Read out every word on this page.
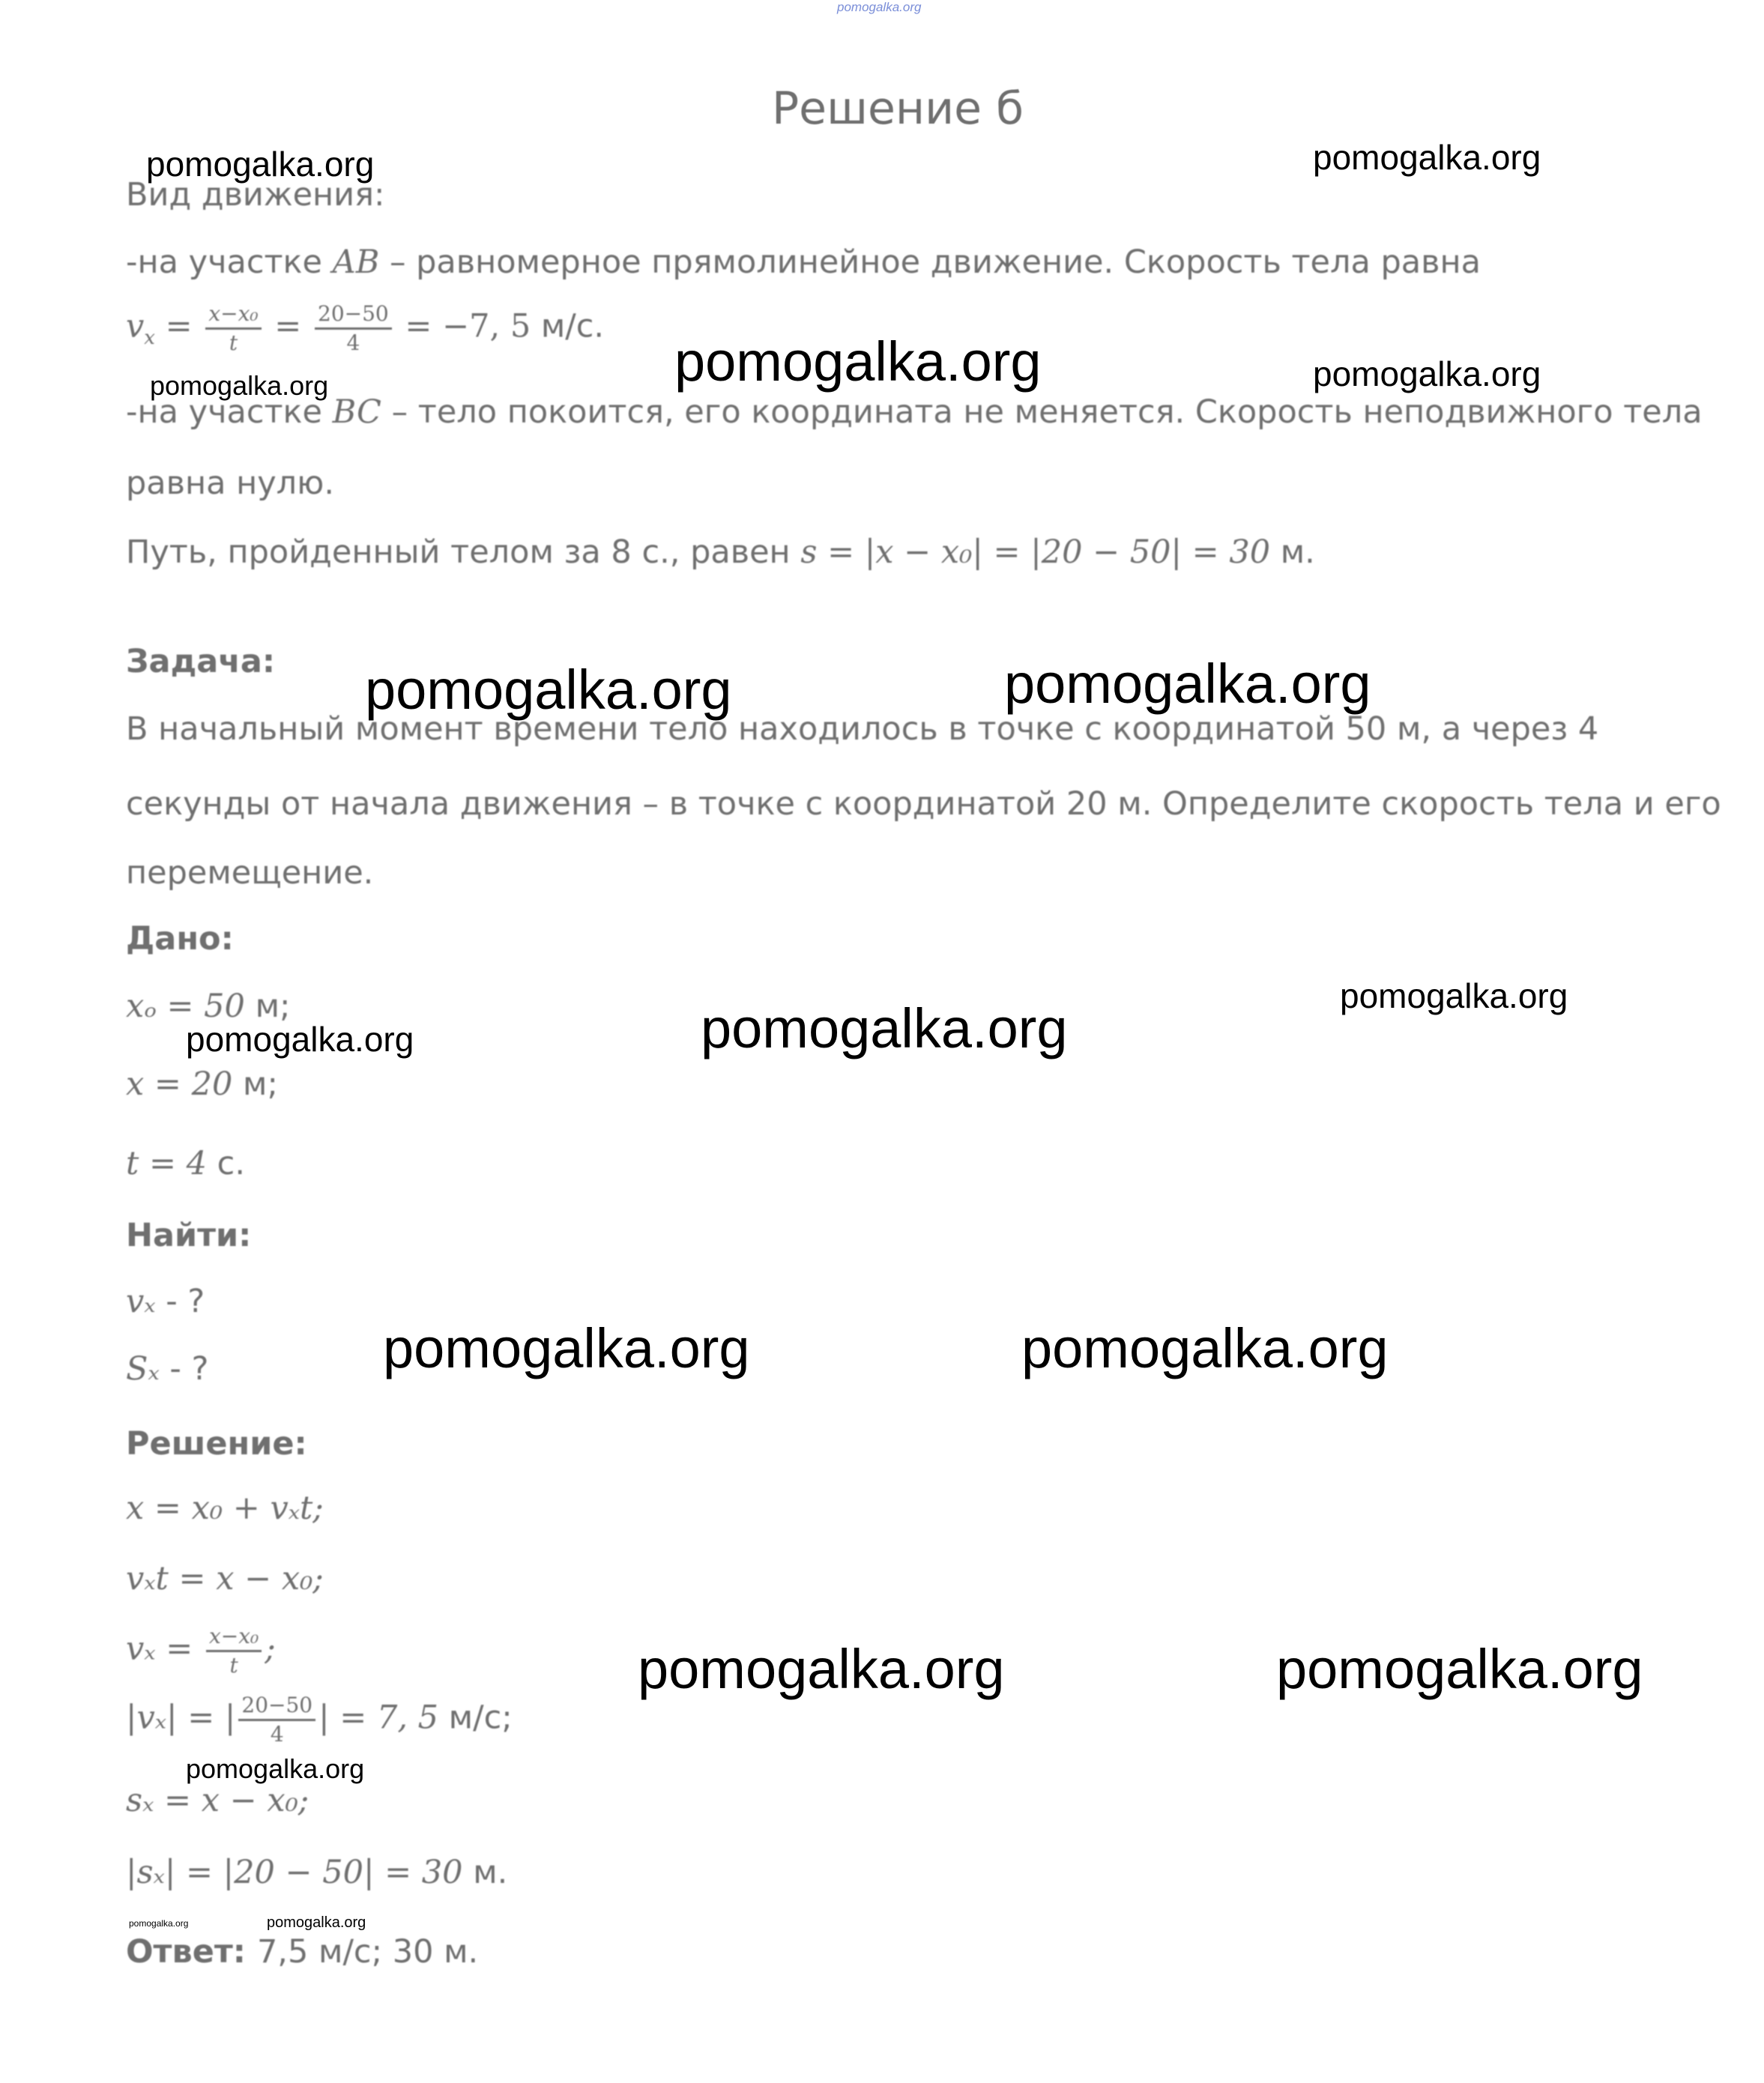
pomogalka.org
Решение б
Вид движения:
-на участке AB – равномерное прямолинейное движение. Скорость тела равна
$v_x = \frac{\text{x−x₀}}{t} = \frac{20-50}{4} = -7$, 5 м/с.
-на участке BC – тело покоится, его координата не меняется. Скорость неподвижного тела
равна нулю.
Путь, пройденный телом за 8 с., равен s = |x − x₀| = |20 − 50| = 30 м.
Задача:
В начальный момент времени тело находилось в точке с координатой 50 м, а через 4
секунды от начала движения – в точке с координатой 20 м. Определите скорость тела и его
перемещение.
Дано:
xₒ = 50 м;
x = 20 м;
t = 4 с.
Найти:
vₓ - ?
Sₓ - ?
Решение:
x = x₀ + vₓt;
vₓt = x − x₀;
$v_x = \frac{\text{x−x₀}}{t}$ ;
|vₓ| = | $\frac{20-50}{4}$ | = 7, 5 м/с;
sₓ = x − x₀;
|sₓ| = |20 − 50| = 30 м.
Ответ: 7,5 м/с; 30 м.
pomogalka.org	pomogalka.org
pomogalka.org
pomogalka.org	pomogalka.org
pomogalka.org	pomogalka.org
pomogalka.org
pomogalka.org
pomogalka.org
pomogalka.org	pomogalka.org
pomogalka.org	pomogalka.org
pomogalka.org
pomogalka.org	pomogalka.org
